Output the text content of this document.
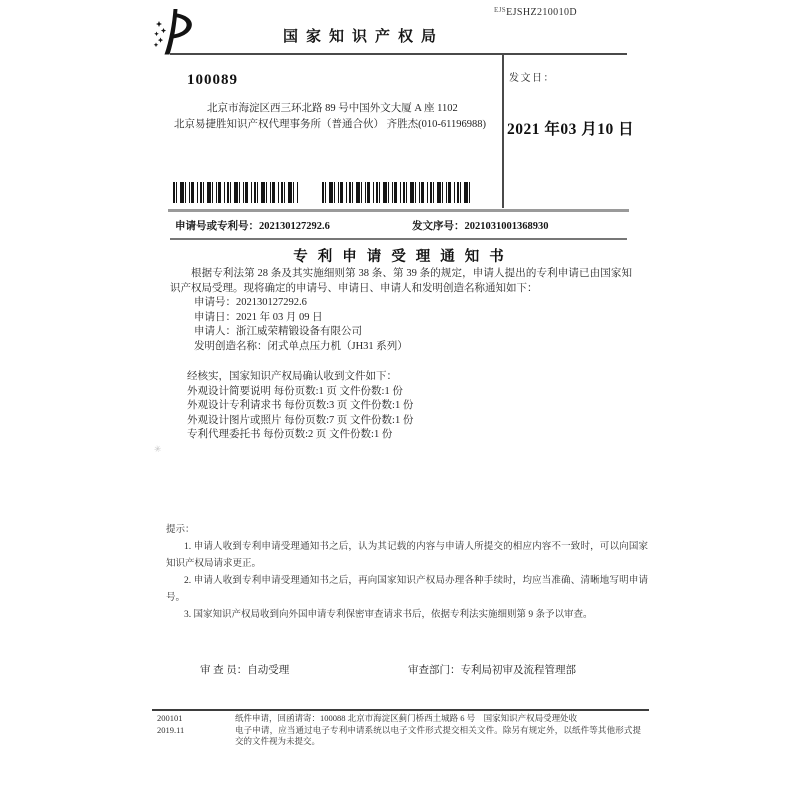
国家知识产权局
$^{EJS}$EJSHZ210010D
100089
北京市海淀区西三环北路 89 号中国外文大厦 A 座 1102
北京易捷胜知识产权代理事务所（普通合伙） 齐胜杰(010-61196988)
发文日：
2021 年03 月10 日
申请号或专利号：202130127292.6	发文序号：2021031001368930
专利申请受理通知书

根据专利法第 28 条及其实施细则第 38 条、第 39 条的规定，申请人提出的专利申请已由国家知识产权局受理。现将确定的申请号、申请日、申请人和发明创造名称通知如下：

申请号：202130127292.6
申请日：2021 年 03 月 09 日
申请人：浙江威荣精锻设备有限公司
发明创造名称：闭式单点压力机（JH31 系列）
经核实，国家知识产权局确认收到文件如下：
外观设计简要说明 每份页数:1 页 文件份数:1 份
外观设计专利请求书 每份页数:3 页 文件份数:1 份
外观设计图片或照片 每份页数:7 页 文件份数:1 份
专利代理委托书 每份页数:2 页 文件份数:1 份
✳
提示：
1. 申请人收到专利申请受理通知书之后，认为其记载的内容与申请人所提交的相应内容不一致时，可以向国家知识产权局请求更正。
2. 申请人收到专利申请受理通知书之后，再向国家知识产权局办理各种手续时，均应当准确、清晰地写明申请号。
3. 国家知识产权局收到向外国申请专利保密审查请求书后，依据专利法实施细则第 9 条予以审查。
审 查 员：自动受理	审查部门：专利局初审及流程管理部
200101
2019.11

纸件申请，回函请寄：100088 北京市海淀区蓟门桥西土城路 6 号　国家知识产权局受理处收

电子申请，应当通过电子专利申请系统以电子文件形式提交相关文件。除另有规定外，以纸件等其他形式提交的文件视为未提交。
